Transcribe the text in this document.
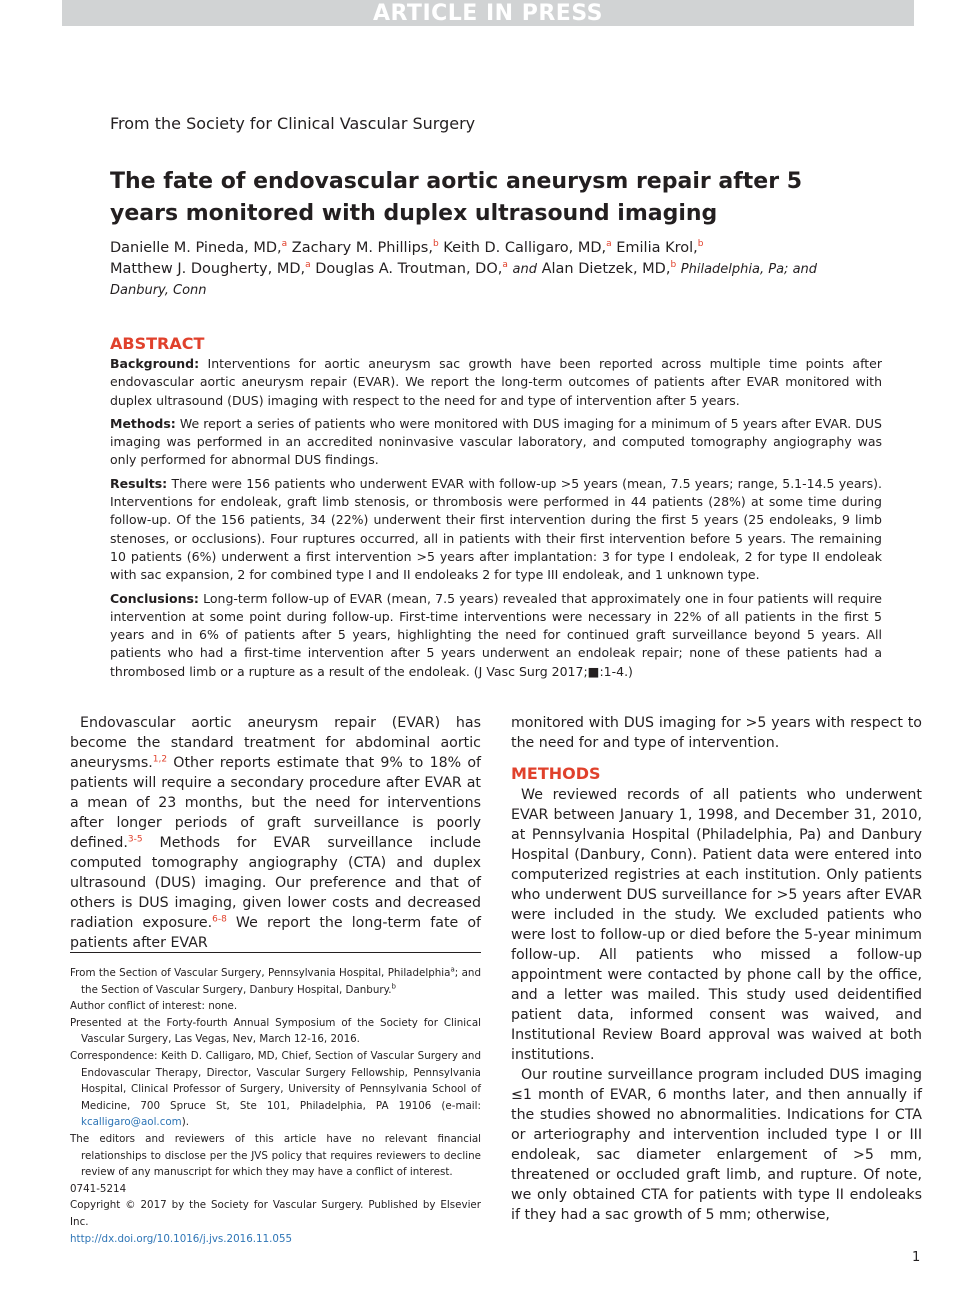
ARTICLE IN PRESS
From the Society for Clinical Vascular Surgery
The fate of endovascular aortic aneurysm repair after 5 years monitored with duplex ultrasound imaging
Danielle M. Pineda, MD,$^a$ Zachary M. Phillips,$^b$ Keith D. Calligaro, MD,$^a$ Emilia Krol,$^b$
Matthew J. Dougherty, MD,$^a$ Douglas A. Troutman, DO,$^a$ and Alan Dietzek, MD,$^b$ Philadelphia, Pa; and Danbury, Conn
ABSTRACT

Background: Interventions for aortic aneurysm sac growth have been reported across multiple time points after endovascular aortic aneurysm repair (EVAR). We report the long-term outcomes of patients after EVAR monitored with duplex ultrasound (DUS) imaging with respect to the need for and type of intervention after 5 years.

Methods: We report a series of patients who were monitored with DUS imaging for a minimum of 5 years after EVAR. DUS imaging was performed in an accredited noninvasive vascular laboratory, and computed tomography angiography was only performed for abnormal DUS findings.

Results: There were 156 patients who underwent EVAR with follow-up >5 years (mean, 7.5 years; range, 5.1-14.5 years). Interventions for endoleak, graft limb stenosis, or thrombosis were performed in 44 patients (28%) at some time during follow-up. Of the 156 patients, 34 (22%) underwent their first intervention during the first 5 years (25 endoleaks, 9 limb stenoses, or occlusions). Four ruptures occurred, all in patients with their first intervention before 5 years. The remaining 10 patients (6%) underwent a first intervention >5 years after implantation: 3 for type I endoleak, 2 for type II endoleak with sac expansion, 2 for combined type I and II endoleaks 2 for type III endoleak, and 1 unknown type.

Conclusions: Long-term follow-up of EVAR (mean, 7.5 years) revealed that approximately one in four patients will require intervention at some point during follow-up. First-time interventions were necessary in 22% of all patients in the first 5 years and in 6% of patients after 5 years, highlighting the need for continued graft surveillance beyond 5 years. All patients who had a first-time intervention after 5 years underwent an endoleak repair; none of these patients had a thrombosed limb or a rupture as a result of the endoleak. (J Vasc Surg 2017;■:1-4.)

Endovascular aortic aneurysm repair (EVAR) has become the standard treatment for abdominal aortic aneurysms.$^{1,2}$ Other reports estimate that 9% to 18% of patients will require a secondary procedure after EVAR at a mean of 23 months, but the need for interventions after longer periods of graft surveillance is poorly defined.$^{3-5}$ Methods for EVAR surveillance include computed tomography angiography (CTA) and duplex ultrasound (DUS) imaging. Our preference and that of others is DUS imaging, given lower costs and decreased radiation exposure.$^{6-8}$ We report the long-term fate of patients after EVAR

From the Section of Vascular Surgery, Pennsylvania Hospital, Philadelphia$^a$; and the Section of Vascular Surgery, Danbury Hospital, Danbury.$^b$

Author conflict of interest: none.

Presented at the Forty-fourth Annual Symposium of the Society for Clinical Vascular Surgery, Las Vegas, Nev, March 12-16, 2016.

Correspondence: Keith D. Calligaro, MD, Chief, Section of Vascular Surgery and Endovascular Therapy, Director, Vascular Surgery Fellowship, Pennsylvania Hospital, Clinical Professor of Surgery, University of Pennsylvania School of Medicine, 700 Spruce St, Ste 101, Philadelphia, PA 19106 (e-mail: kcalligaro@aol.com).

The editors and reviewers of this article have no relevant financial relationships to disclose per the JVS policy that requires reviewers to decline review of any manuscript for which they may have a conflict of interest.

0741-5214

Copyright © 2017 by the Society for Vascular Surgery. Published by Elsevier Inc.

http://dx.doi.org/10.1016/j.jvs.2016.11.055

monitored with DUS imaging for >5 years with respect to the need for and type of intervention.

METHODS

We reviewed records of all patients who underwent EVAR between January 1, 1998, and December 31, 2010, at Pennsylvania Hospital (Philadelphia, Pa) and Danbury Hospital (Danbury, Conn). Patient data were entered into computerized registries at each institution. Only patients who underwent DUS surveillance for >5 years after EVAR were included in the study. We excluded patients who were lost to follow-up or died before the 5-year minimum follow-up. All patients who missed a follow-up appointment were contacted by phone call by the office, and a letter was mailed. This study used deidentified patient data, informed consent was waived, and Institutional Review Board approval was waived at both institutions.

Our routine surveillance program included DUS imaging ≤1 month of EVAR, 6 months later, and then annually if the studies showed no abnormalities. Indications for CTA or arteriography and intervention included type I or III endoleak, sac diameter enlargement of >5 mm, threatened or occluded graft limb, and rupture. Of note, we only obtained CTA for patients with type II endoleaks if they had a sac growth of 5 mm; otherwise,

1
